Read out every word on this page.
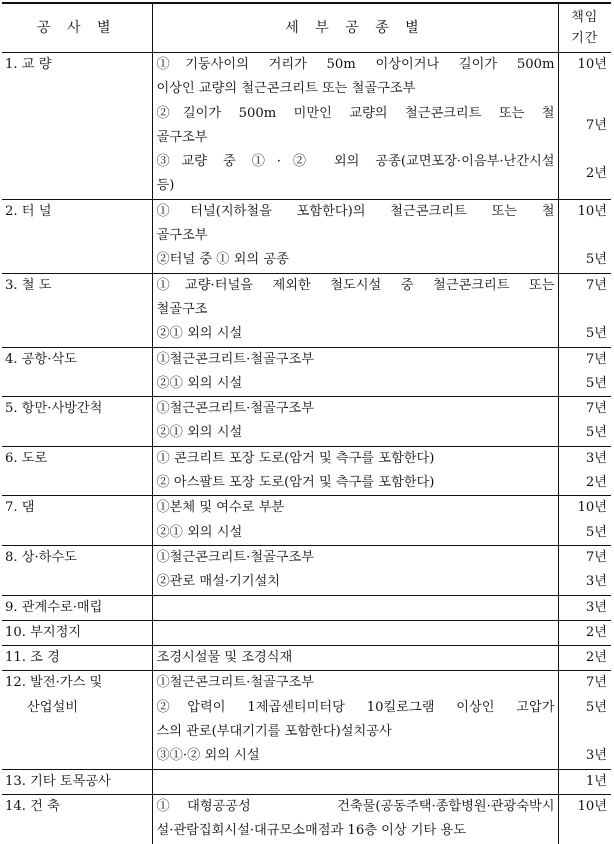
공 사 별	세 부 공 종 별	책임
기간
1. 교 량	①기둥사이의 거리가 50m 이상이거나 길이가 500m
이상인 교량의 철근콘크리트 또는 철골구조부	10년

	②길이가 500m 미만인 교량의 철근콘크리트 또는 철
골구조부	7년

	③교량 중 ①·② 외의 공종(교면포장·이음부·난간시설
등)	2년
2. 터 널	①터널(지하철을 포함한다)의 철근콘크리트 또는 철
골구조부	10년

	②터널 중 ① 외의 공종	5년
3. 철 도	①교량·터널을 제외한 철도시설 중 철근콘크리트 또는
철골구조	7년

	②① 외의 시설	5년
4. 공항·삭도	①철근콘크리트·철골구조부	7년

	②① 외의 시설	5년
5. 항만·사방간척	①철근콘크리트·철골구조부	7년

	②① 외의 시설	5년
6. 도로	① 콘크리트 포장 도로(암거 및 측구를 포함한다)	3년

	② 아스팔트 포장 도로(암거 및 측구를 포함한다)	2년
7. 댐	①본체 및 여수로 부분	10년

	②① 외의 시설	5년
8. 상·하수도	①철근콘크리트·철골구조부	7년

	②관로 매설·기기설치	3년
9. 관계수로·매립		3년
10. 부지정지		2년
11. 조 경	조경시설물 및 조경식재	2년
12. 발전·가스 및
산업설비	①철근콘크리트·철골구조부	7년

	②압력이 1제곱센티미터당 10킬로그램 이상인 고압가
스의 관로(부대기기를 포함한다)설치공사	5년

	③①·② 외의 시설	3년
13. 기타 토목공사		1년
14. 건 축	①대형공공성    건축물(공동주택·종합병원·관광숙박시
설·관람집회시설·대규모소매점과 16층 이상 기타 용도	10년
